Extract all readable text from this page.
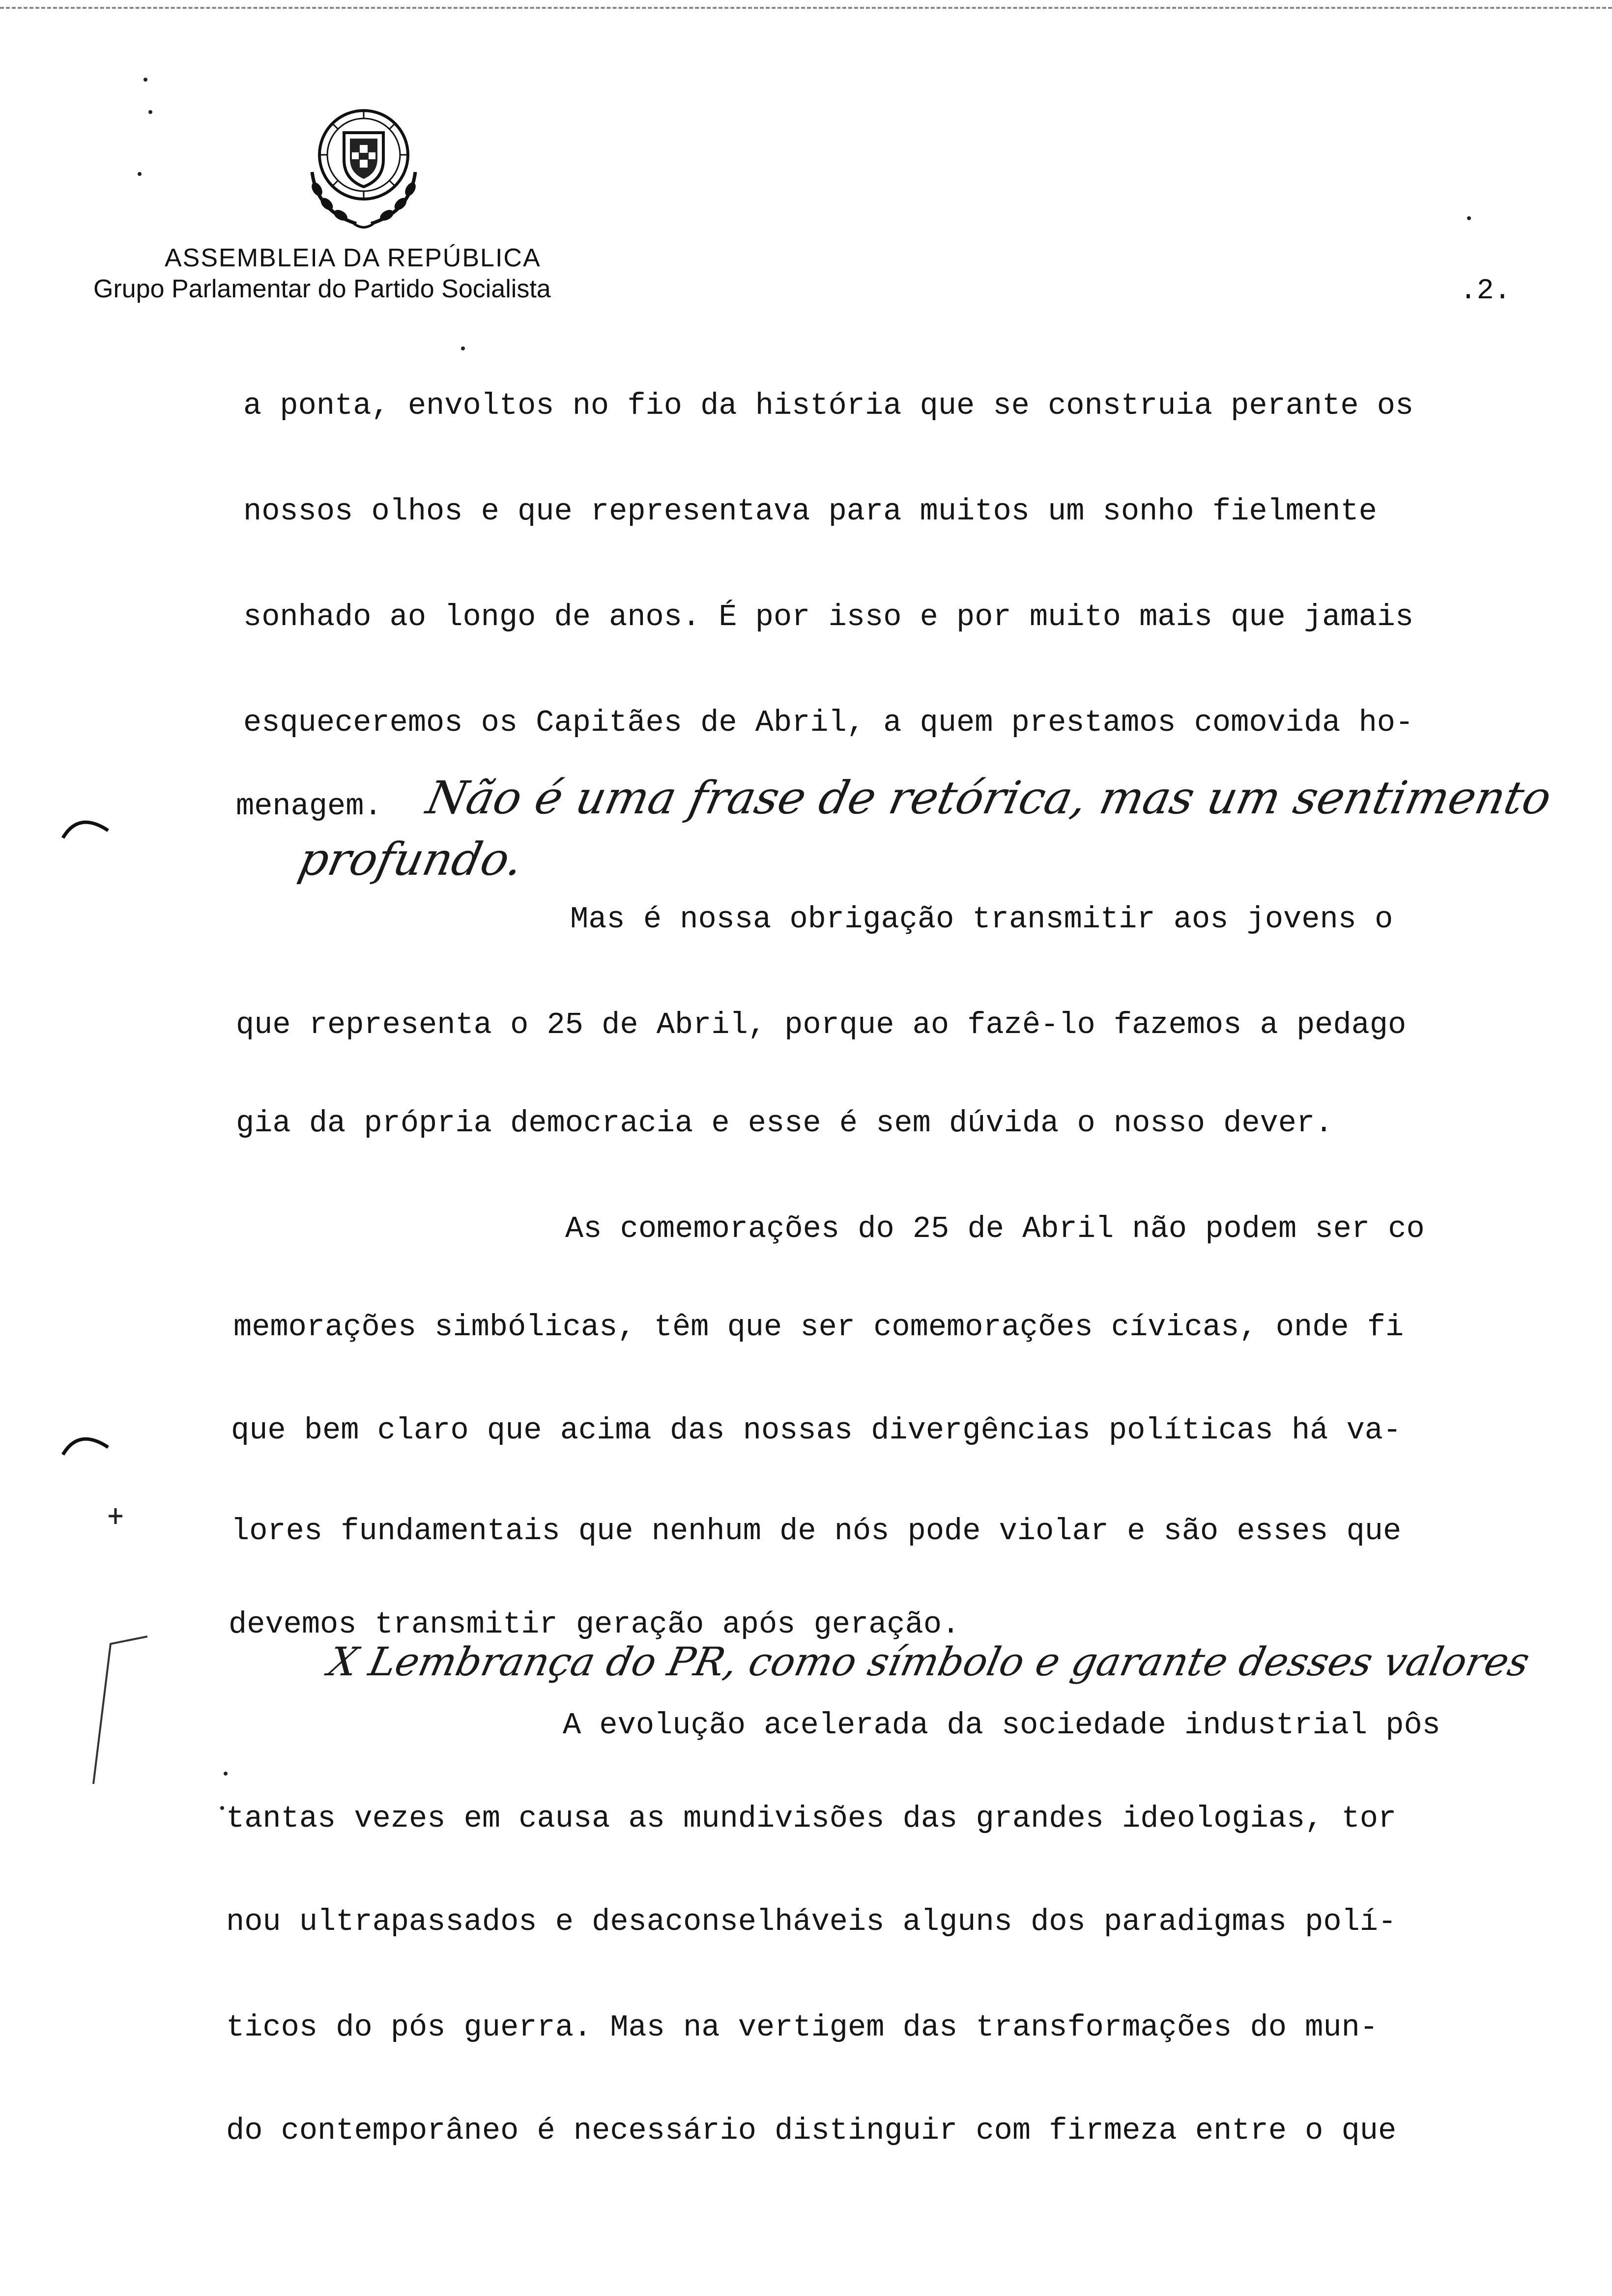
ASSEMBLEIA DA REPÚBLICA
Grupo Parlamentar do Partido Socialista	.2.
a ponta, envoltos no fio da história que se construia perante os
nossos olhos e que representava para muitos um sonho fielmente
sonhado ao longo de anos. É por isso e por muito mais que jamais
esqueceremos os Capitães de Abril, a quem prestamos comovida ho-
menagem.
Mas é nossa obrigação transmitir aos jovens o
que representa o 25 de Abril, porque ao fazê-lo fazemos a pedago
gia da própria democracia e esse é sem dúvida o nosso dever.
As comemorações do 25 de Abril não podem ser co
memorações simbólicas, têm que ser comemorações cívicas, onde fi
que bem claro que acima das nossas divergências políticas há va-
lores fundamentais que nenhum de nós pode violar e são esses que
devemos transmitir geração após geração.
A evolução acelerada da sociedade industrial pôs
tantas vezes em causa as mundivisões das grandes ideologias, tor
nou ultrapassados e desaconselháveis alguns dos paradigmas polí-
ticos do pós guerra. Mas na vertigem das transformações do mun-
do contemporâneo é necessário distinguir com firmeza entre o que
Não é uma frase de retórica, mas um sentimento
profundo.
X Lembrança do PR, como símbolo e garante desses valores
